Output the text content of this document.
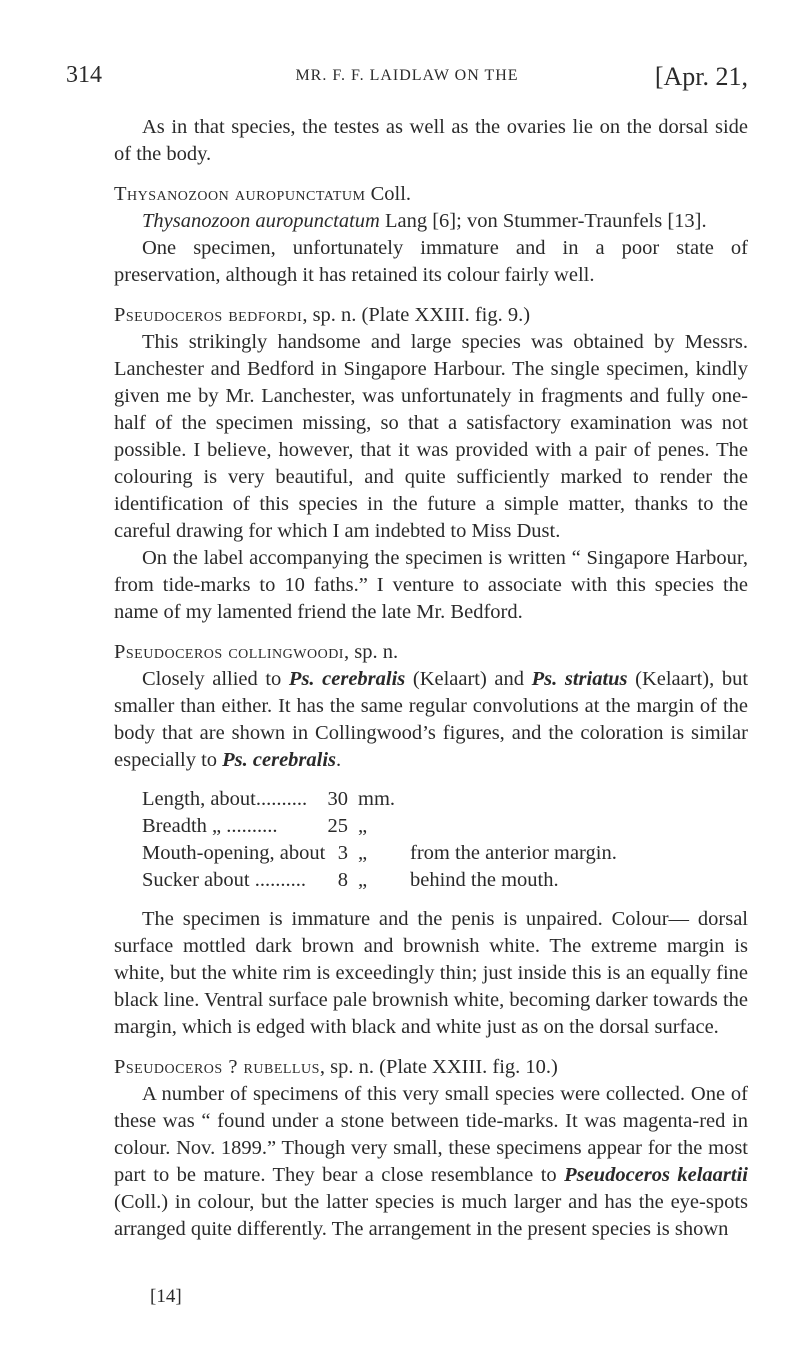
314	MR. F. F. LAIDLAW ON THE	[Apr. 21,

As in that species, the testes as well as the ovaries lie on the dorsal side of the body.

Thysanozoon auropunctatum Coll.

Thysanozoon auropunctatum Lang [6]; von Stummer-Traunfels [13].

One specimen, unfortunately immature and in a poor state of preservation, although it has retained its colour fairly well.

Pseudoceros bedfordi, sp. n. (Plate XXIII. fig. 9.)

This strikingly handsome and large species was obtained by Messrs. Lanchester and Bedford in Singapore Harbour. The single specimen, kindly given me by Mr. Lanchester, was unfortunately in fragments and fully one-half of the specimen missing, so that a satisfactory examination was not possible. I believe, however, that it was provided with a pair of penes. The colouring is very beautiful, and quite sufficiently marked to render the identification of this species in the future a simple matter, thanks to the careful drawing for which I am indebted to Miss Dust.

On the label accompanying the specimen is written “ Singapore Harbour, from tide-marks to 10 faths.” I venture to associate with this species the name of my lamented friend the late Mr. Bedford.

Pseudoceros collingwoodi, sp. n.

Closely allied to Ps. cerebralis (Kelaart) and Ps. striatus (Kelaart), but smaller than either. It has the same regular convolutions at the margin of the body that are shown in Collingwood’s figures, and the coloration is similar especially to Ps. cerebralis.

Length, about.......... 30 mm.
Breadth „ ..........	25 „
Mouth-opening, about 3 „	from the anterior margin.
Sucker about ..........	8 „	behind the mouth.

The specimen is immature and the penis is unpaired. Colour— dorsal surface mottled dark brown and brownish white. The extreme margin is white, but the white rim is exceedingly thin; just inside this is an equally fine black line. Ventral surface pale brownish white, becoming darker towards the margin, which is edged with black and white just as on the dorsal surface.

Pseudoceros ? rubellus, sp. n. (Plate XXIII. fig. 10.)

A number of specimens of this very small species were collected. One of these was “ found under a stone between tide-marks. It was magenta-red in colour. Nov. 1899.” Though very small, these specimens appear for the most part to be mature. They bear a close resemblance to Pseudoceros kelaartii (Coll.) in colour, but the latter species is much larger and has the eye-spots arranged quite differently. The arrangement in the present species is shown

[14]
